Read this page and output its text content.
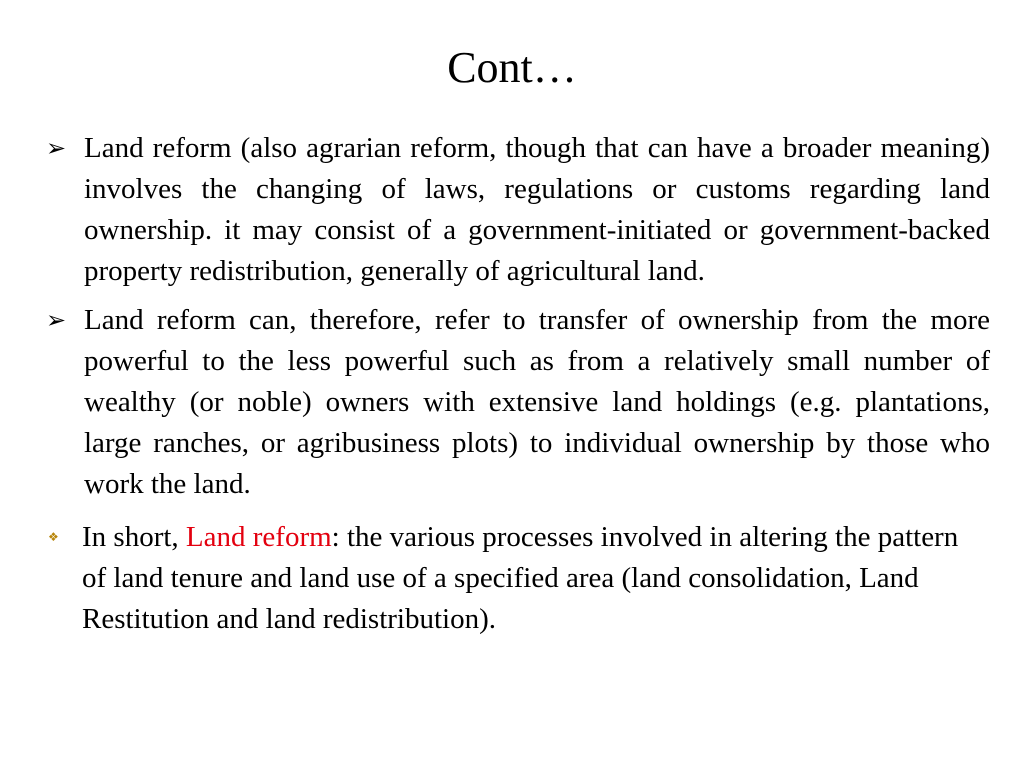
Cont…
➢ Land reform (also agrarian reform, though that can have a broader meaning) involves the changing of laws, regulations or customs regarding land ownership. it may consist of a government-initiated or government-backed property redistribution, generally of agricultural land.
➢ Land reform can, therefore, refer to transfer of ownership from the more powerful to the less powerful such as from a relatively small number of wealthy (or noble) owners with extensive land holdings (e.g. plantations, large ranches, or agribusiness plots) to individual ownership by those who work the land.
❖ In short, Land reform: the various processes involved in altering the pattern of land tenure and land use of a specified area (land consolidation, Land Restitution and land redistribution).
